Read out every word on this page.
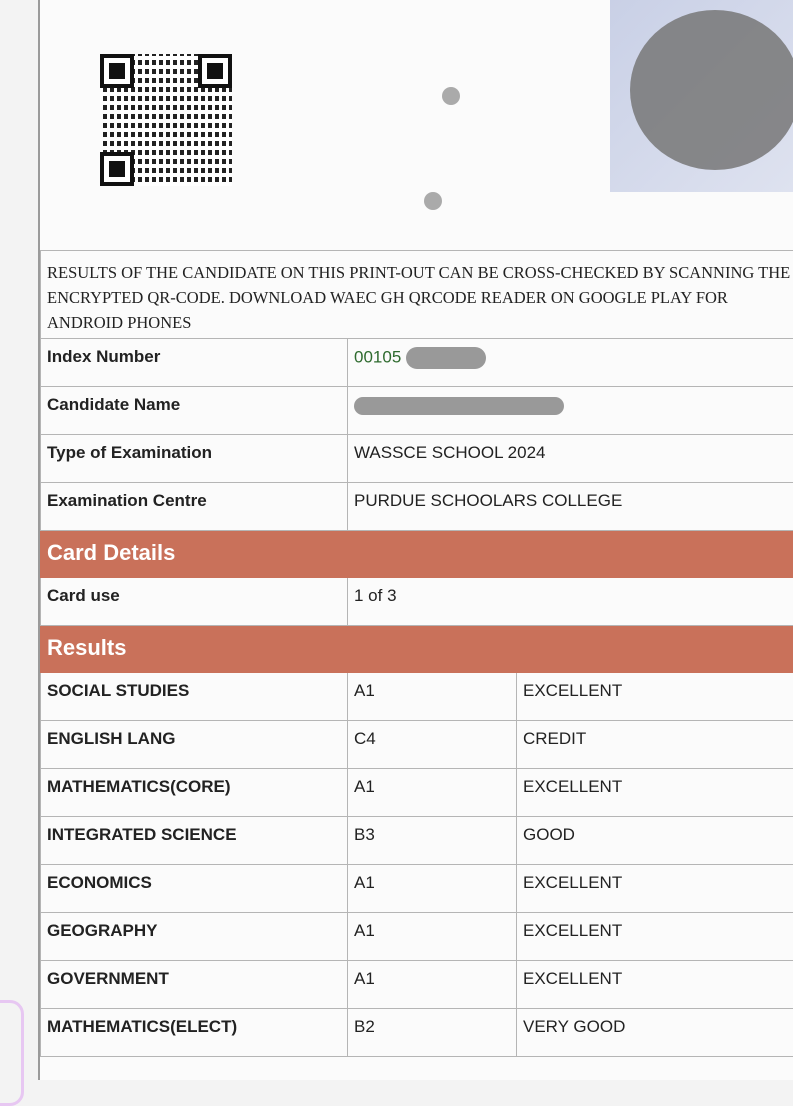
RESULTS OF THE CANDIDATE ON THIS PRINT-OUT CAN BE CROSS-CHECKED BY SCANNING THE ENCRYPTED QR-CODE. DOWNLOAD WAEC GH QRCODE READER ON GOOGLE PLAY FOR ANDROID PHONES		
Index Number	00105	
Candidate Name		
Type of Examination	WASSCE SCHOOL 2024	
Examination Centre	PURDUE SCHOOLARS COLLEGE	
Card Details		
Card use	1 of 3	
Results		
SOCIAL STUDIES	A1	EXCELLENT
ENGLISH LANG	C4	CREDIT
MATHEMATICS(CORE)	A1	EXCELLENT
INTEGRATED SCIENCE	B3	GOOD
ECONOMICS	A1	EXCELLENT
GEOGRAPHY	A1	EXCELLENT
GOVERNMENT	A1	EXCELLENT
MATHEMATICS(ELECT)	B2	VERY GOOD
